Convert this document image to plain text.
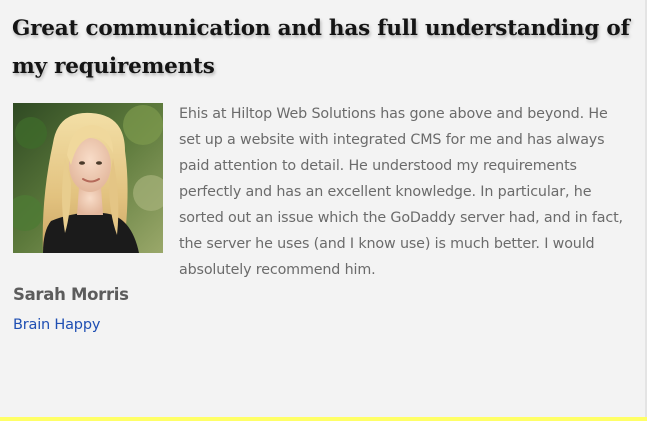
Great communication and has full understanding of my requirements

Ehis at Hiltop Web Solutions has gone above and beyond. He set up a website with integrated CMS for me and has always paid attention to detail. He understood my requirements perfectly and has an excellent knowledge. In particular, he sorted out an issue which the GoDaddy server had, and in fact, the server he uses (and I know use) is much better. I would absolutely recommend him.

Sarah Morris
Brain Happy
